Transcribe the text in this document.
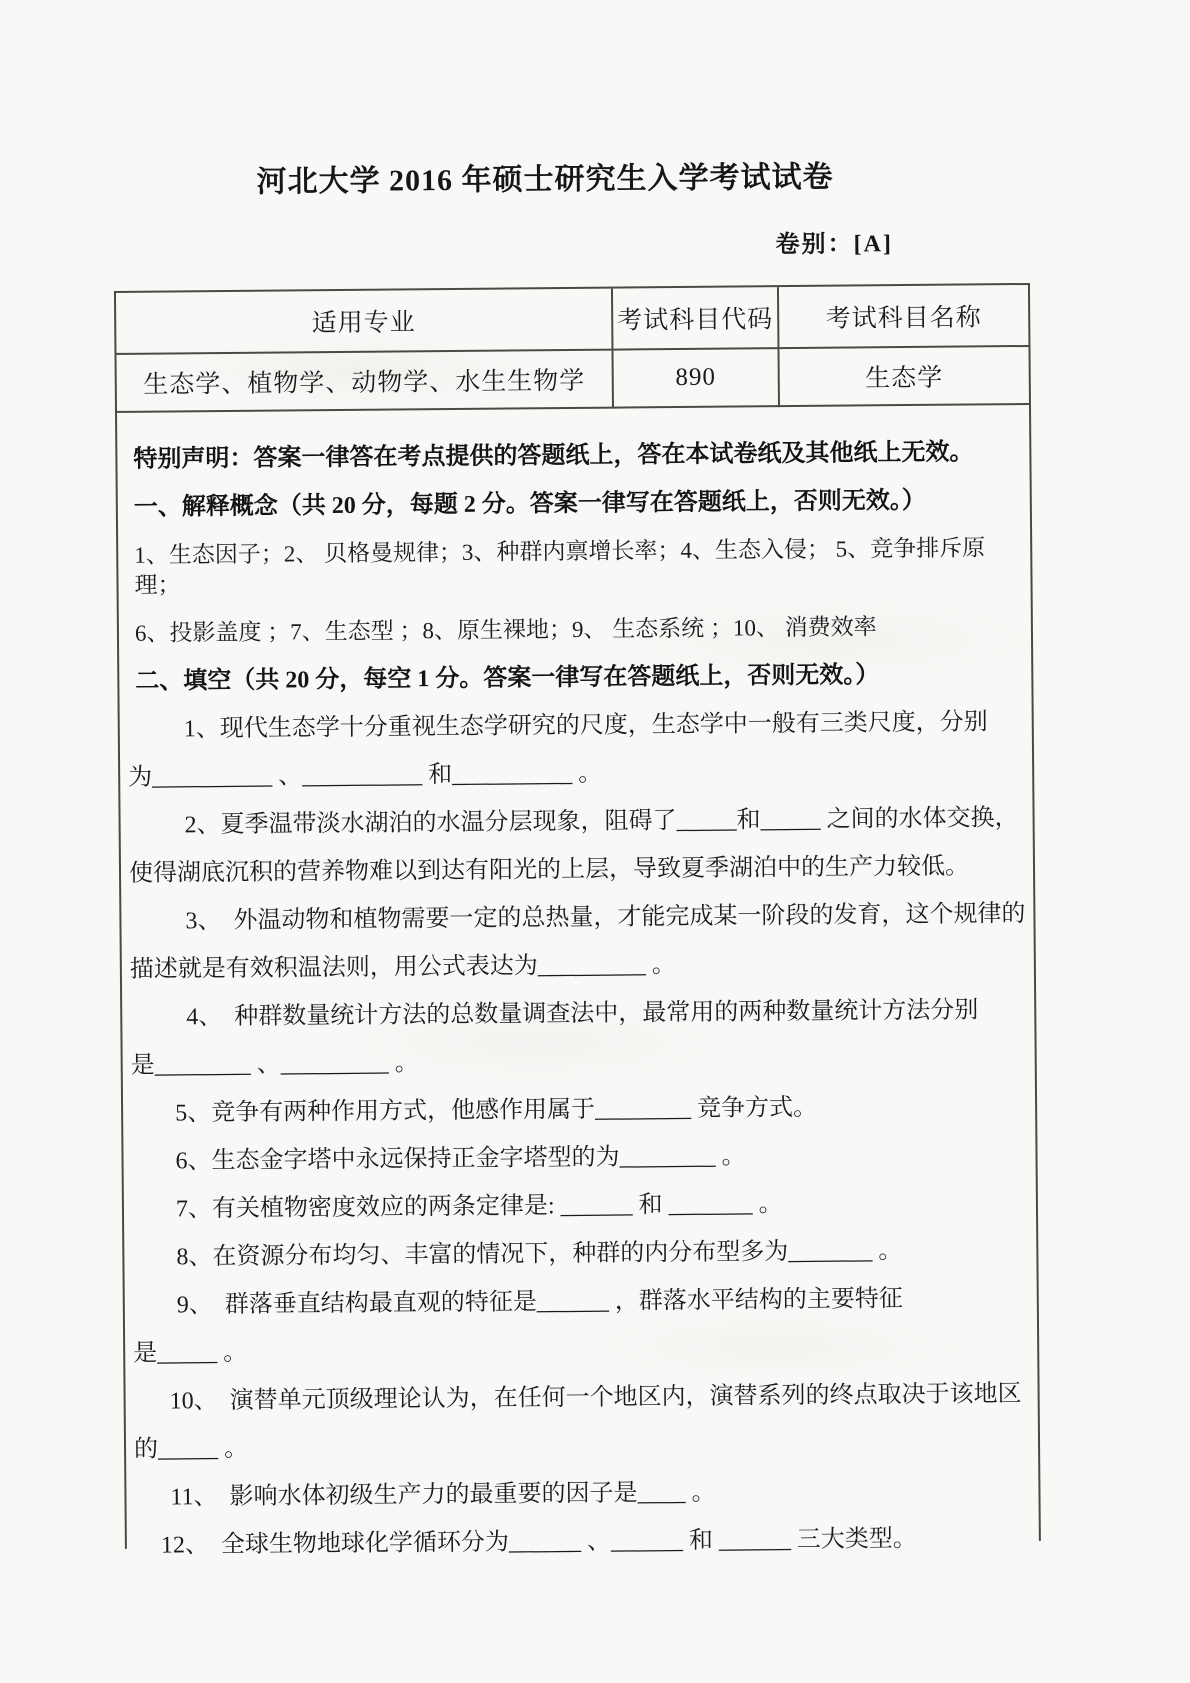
河北大学 2016 年硕士研究生入学考试试卷
卷别：[A]
适用专业	考试科目代码	考试科目名称
生态学、植物学、动物学、水生生物学	890	生态学

特别声明：答案一律答在考点提供的答题纸上，答在本试卷纸及其他纸上无效。

一、解释概念（共 20 分，每题 2 分。答案一律写在答题纸上，否则无效。）

1、生态因子；2、 贝格曼规律；3、种群内禀增长率；4、生态入侵； 5、竞争排斥原理；

6、投影盖度 ；7、生态型 ；8、原生裸地；9、 生态系统 ；10、 消费效率

二、填空（共 20 分，每空 1 分。答案一律写在答题纸上，否则无效。）

1、现代生态学十分重视生态学研究的尺度，生态学中一般有三类尺度，分别

为__________ 、__________ 和__________ 。

2、夏季温带淡水湖泊的水温分层现象，阻碍了_____和_____ 之间的水体交换，

使得湖底沉积的营养物难以到达有阳光的上层，导致夏季湖泊中的生产力较低。

3、  外温动物和植物需要一定的总热量，才能完成某一阶段的发育，这个规律的

描述就是有效积温法则，用公式表达为_________ 。

4、  种群数量统计方法的总数量调查法中，最常用的两种数量统计方法分别

是________ 、_________ 。

5、竞争有两种作用方式，他感作用属于________ 竞争方式。

6、生态金字塔中永远保持正金字塔型的为________ 。

7、有关植物密度效应的两条定律是: ______ 和 _______ 。

8、在资源分布均匀、丰富的情况下，种群的内分布型多为_______ 。

9、  群落垂直结构最直观的特征是______ ，群落水平结构的主要特征

是_____ 。

10、  演替单元顶级理论认为，在任何一个地区内，演替系列的终点取决于该地区

的_____ 。

11、  影响水体初级生产力的最重要的因子是____ 。

12、  全球生物地球化学循环分为______ 、______ 和 ______ 三大类型。
